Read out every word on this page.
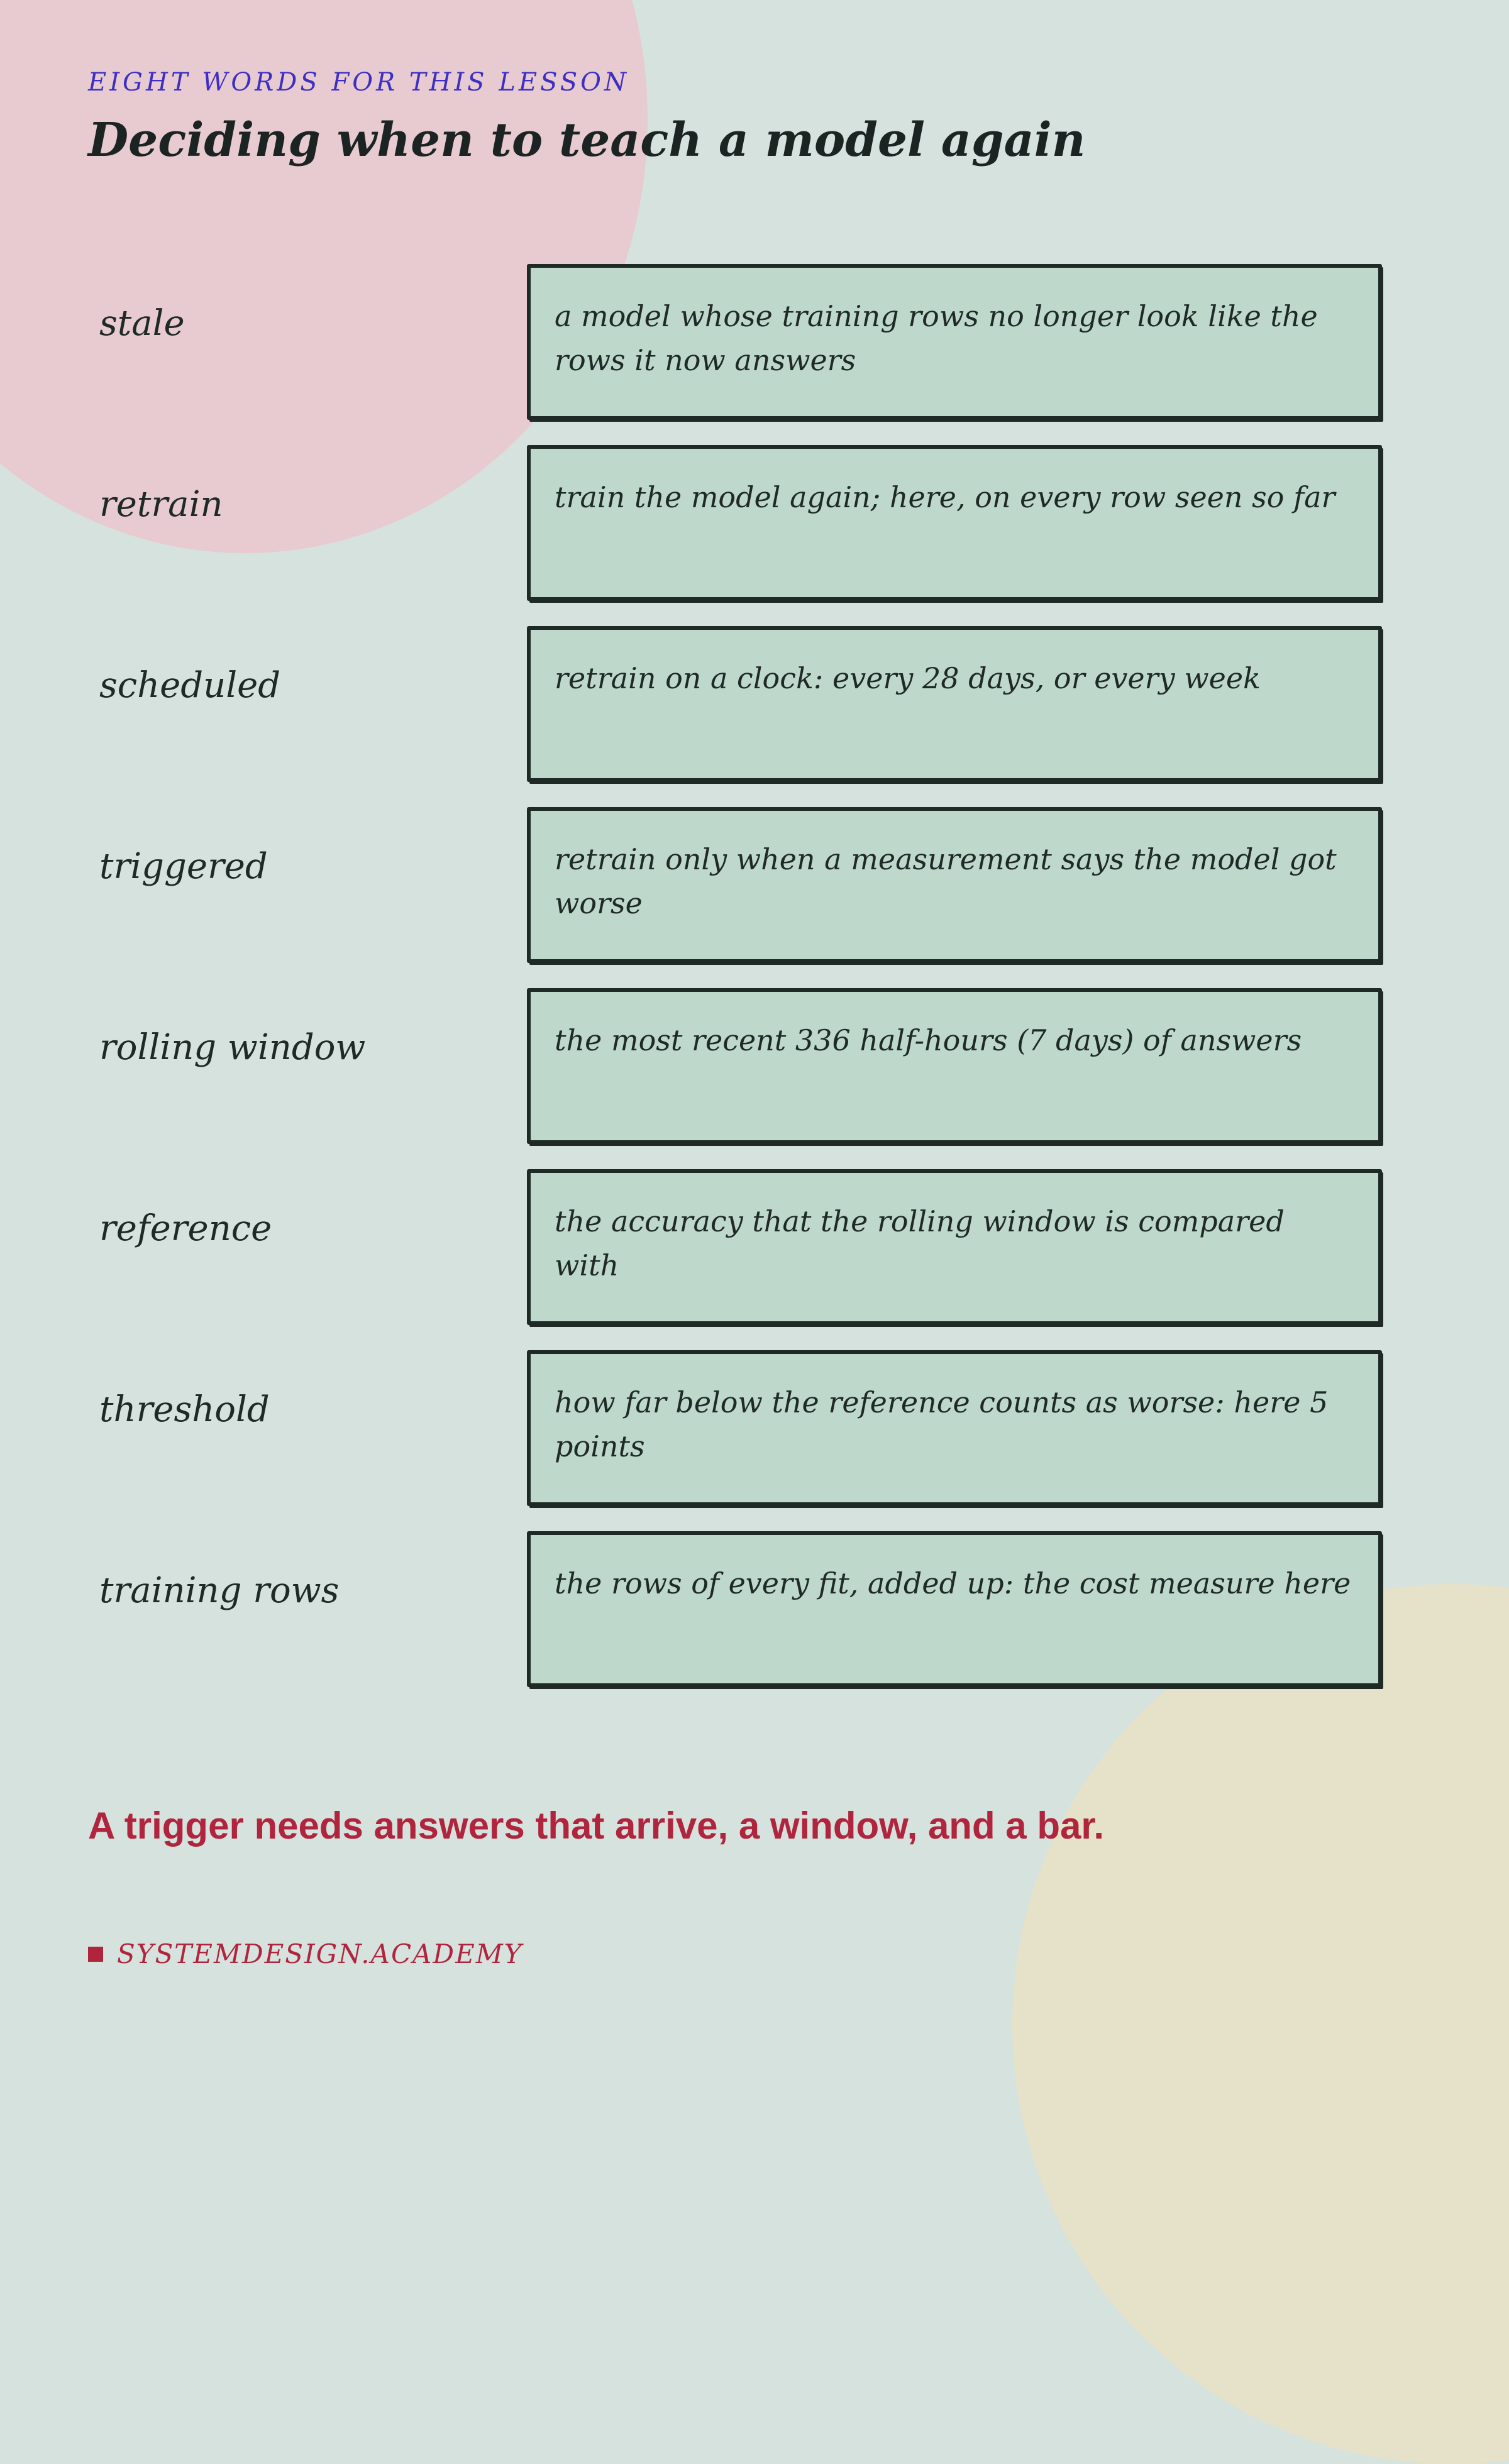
EIGHT WORDS FOR THIS LESSON
Deciding when to teach a model again
stale	a model whose training rows no longer look like the rows it now answers
retrain	train the model again; here, on every row seen so far
scheduled	retrain on a clock: every 28 days, or every week
triggered	retrain only when a measurement says the model got worse
rolling window	the most recent 336 half-hours (7 days) of answers
reference	the accuracy that the rolling window is compared with
threshold	how far below the reference counts as worse: here 5 points
training rows	the rows of every fit, added up: the cost measure here
A trigger needs answers that arrive, a window, and a bar.
SYSTEMDESIGN.ACADEMY
